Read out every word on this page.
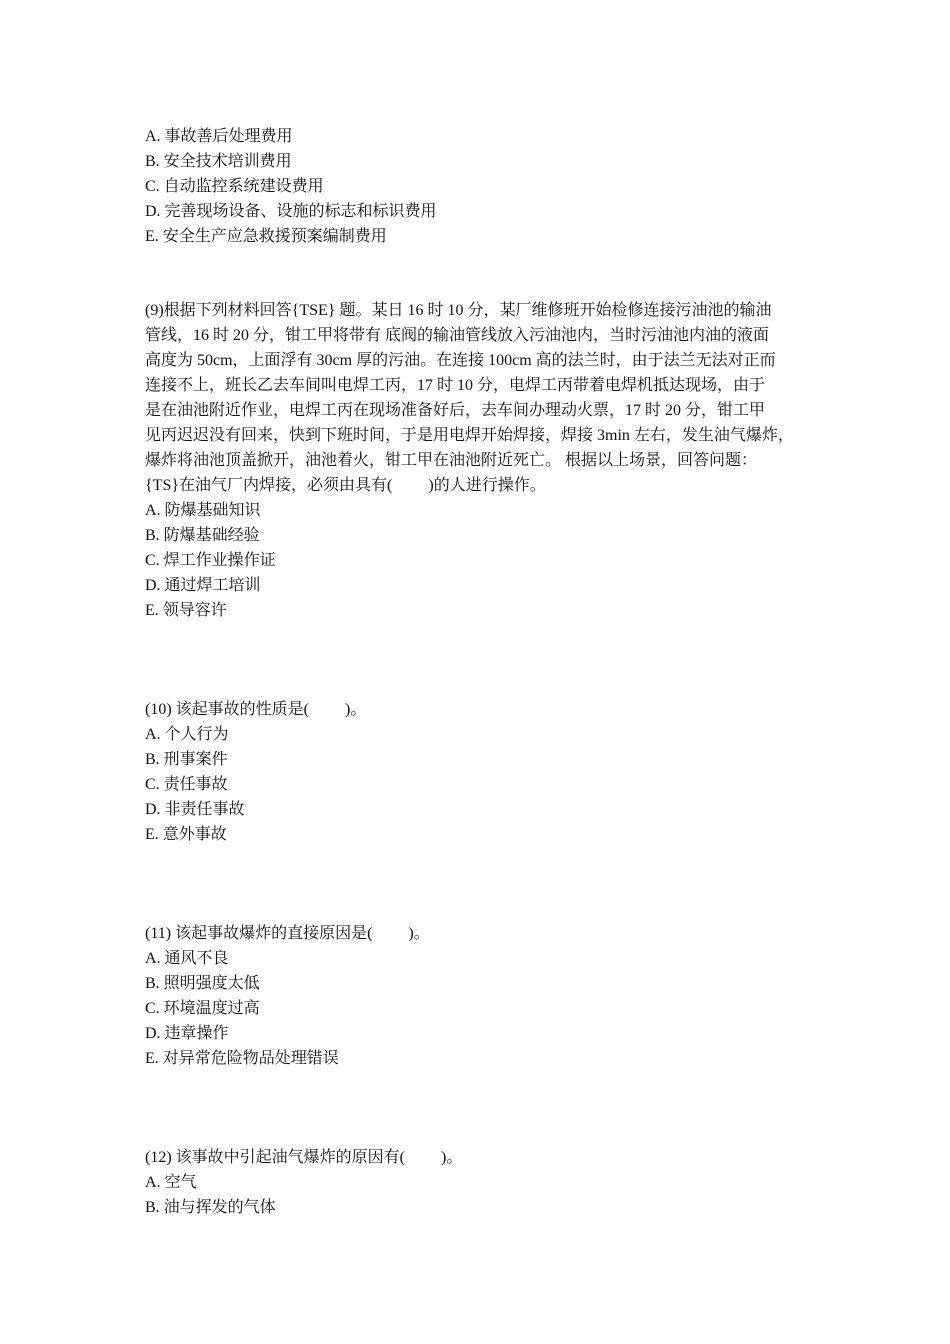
A. 事故善后处理费用
B. 安全技术培训费用
C. 自动监控系统建设费用
D. 完善现场设备、设施的标志和标识费用
E. 安全生产应急救援预案编制费用
(9)根据下列材料回答{TSE} 题。某日 16 时 10 分，某厂维修班开始检修连接污油池的输油
管线，16 时 20 分，钳工甲将带有 底阀的输油管线放入污油池内，当时污油池内油的液面
高度为 50cm，上面浮有 30cm 厚的污油。在连接 100cm 高的法兰时，由于法兰无法对正而
连接不上，班长乙去车间叫电焊工丙，17 时 10 分，电焊工丙带着电焊机抵达现场，由于
是在油池附近作业，电焊工丙在现场准备好后，去车间办理动火票，17 时 20 分，钳工甲
见丙迟迟没有回来，快到下班时间，于是用电焊开始焊接，焊接 3min 左右，发生油气爆炸，
爆炸将油池顶盖掀开，油池着火，钳工甲在油池附近死亡。 根据以上场景，回答问题：
{TS}在油气厂内焊接，必须由具有(         )的人进行操作。
A. 防爆基础知识
B. 防爆基础经验
C. 焊工作业操作证
D. 通过焊工培训
E. 领导容许
(10) 该起事故的性质是(         )。
A. 个人行为
B. 刑事案件
C. 责任事故
D. 非责任事故
E. 意外事故
(11) 该起事故爆炸的直接原因是(         )。
A. 通风不良
B. 照明强度太低
C. 环境温度过高
D. 违章操作
E. 对异常危险物品处理错误
(12) 该事故中引起油气爆炸的原因有(         )。
A. 空气
B. 油与挥发的气体
